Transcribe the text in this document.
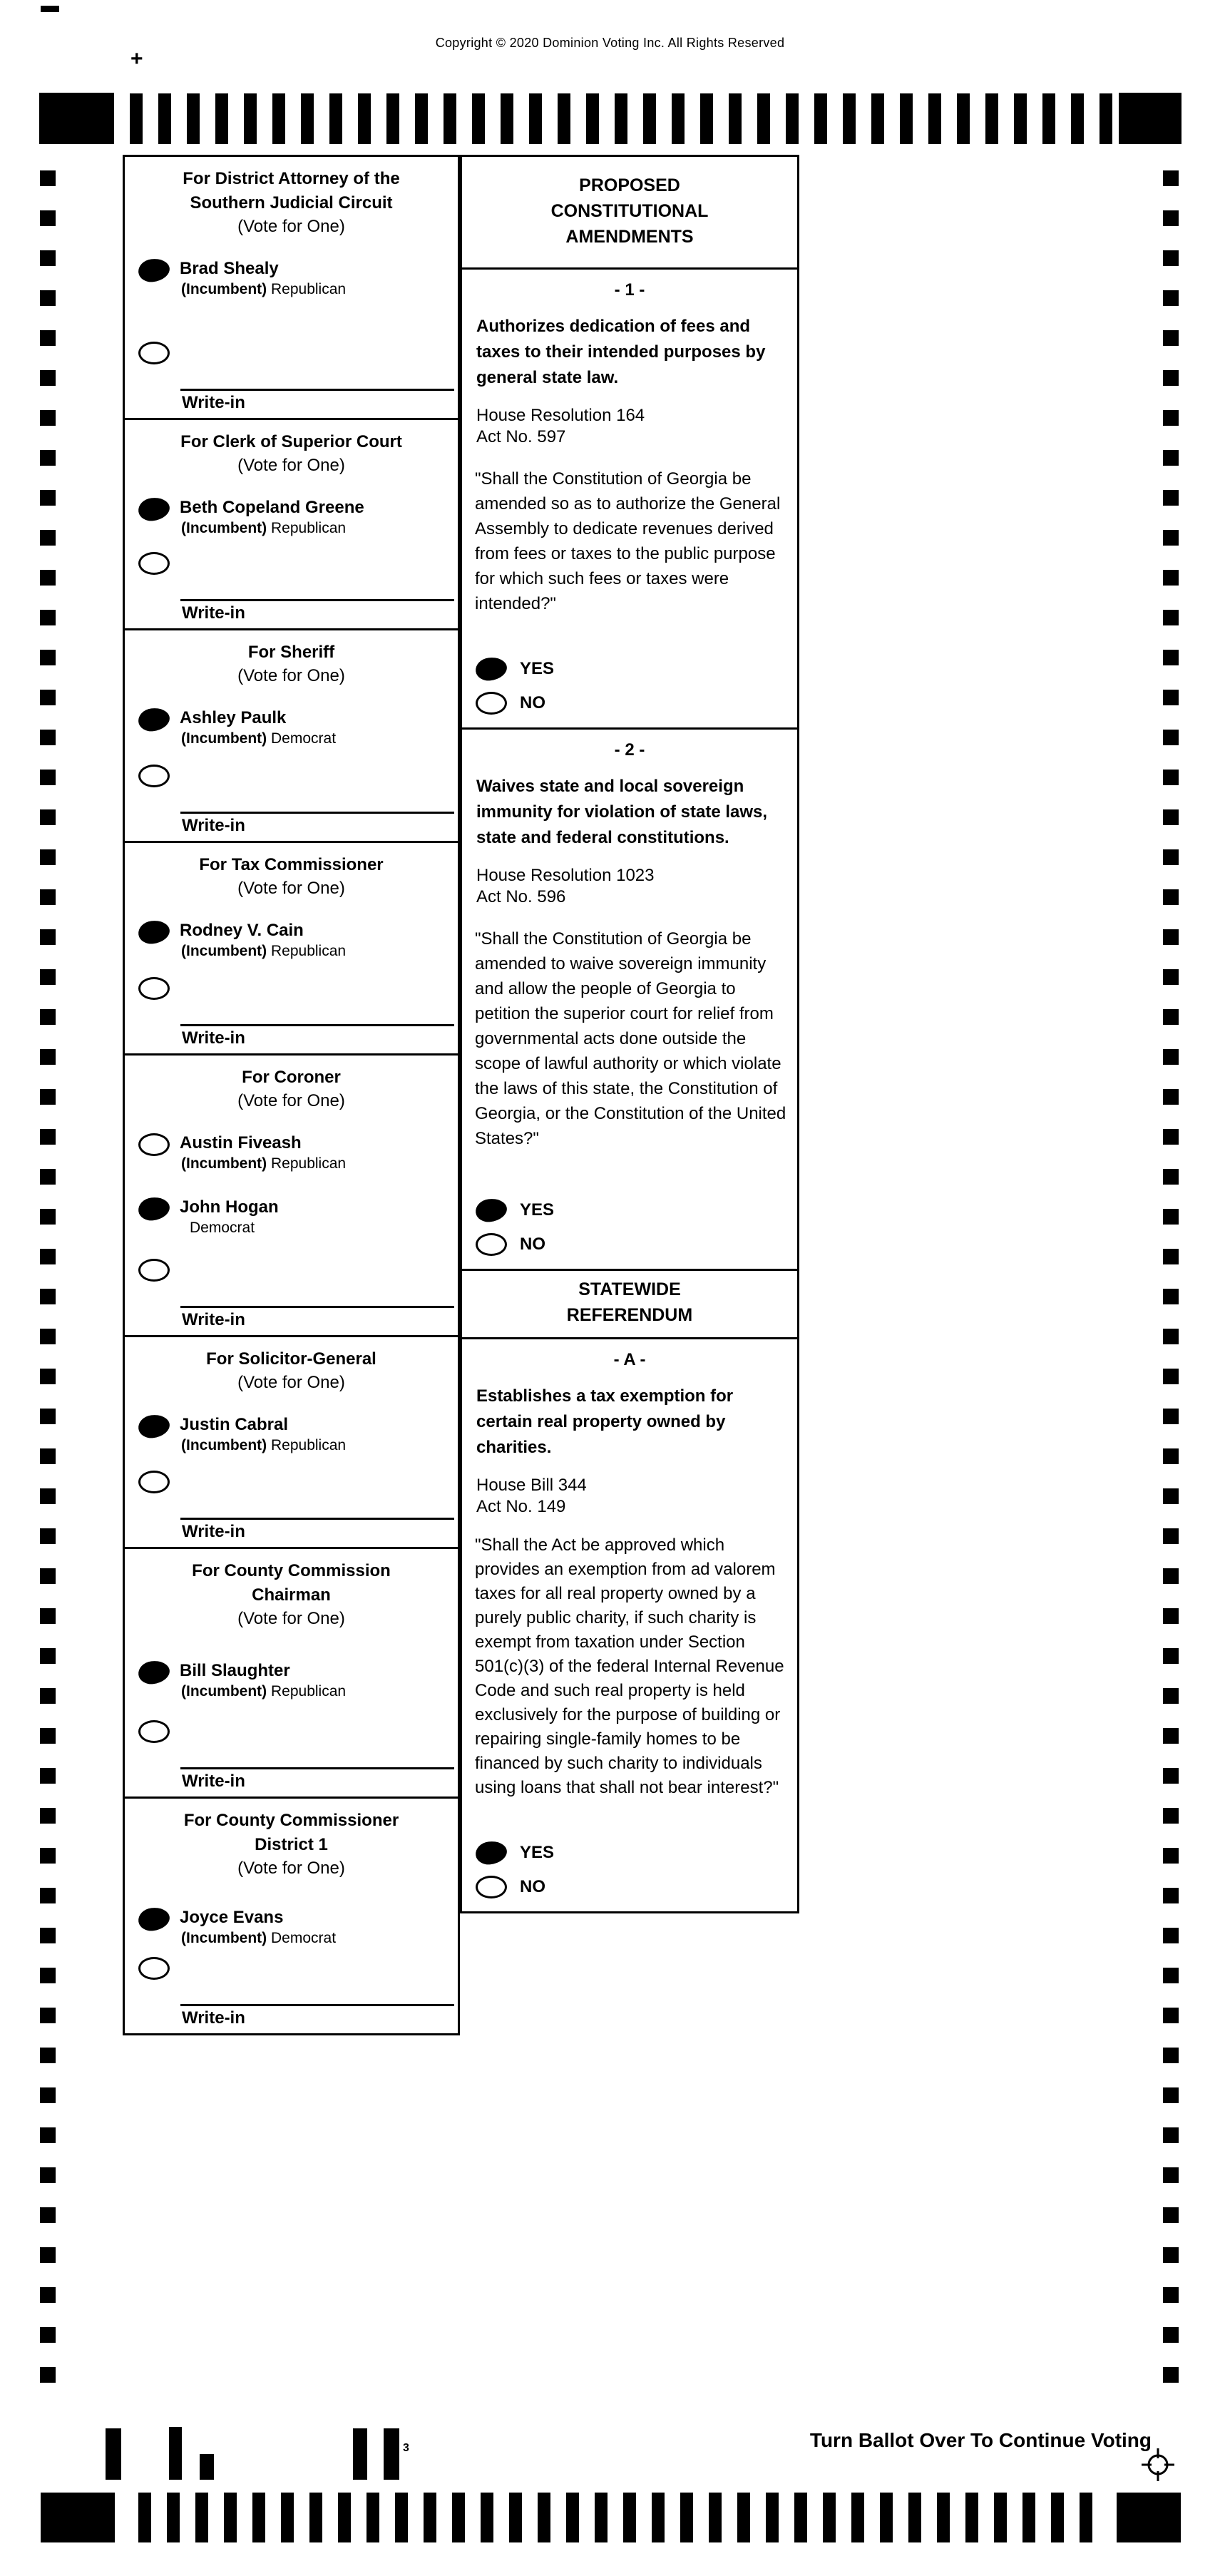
Copyright © 2020 Dominion Voting Inc. All Rights Reserved
+
For District Attorney of the
Southern Judicial Circuit
(Vote for One)
Brad Shealy
(Incumbent) Republican
Write-in
For Clerk of Superior Court
(Vote for One)
Beth Copeland Greene
(Incumbent) Republican
Write-in
For Sheriff
(Vote for One)
Ashley Paulk
(Incumbent) Democrat
Write-in
For Tax Commissioner
(Vote for One)
Rodney V. Cain
(Incumbent) Republican
Write-in
For Coroner
(Vote for One)
Austin Fiveash
(Incumbent) Republican
John Hogan
Democrat
Write-in
For Solicitor-General
(Vote for One)
Justin Cabral
(Incumbent) Republican
Write-in
For County Commission
Chairman
(Vote for One)
Bill Slaughter
(Incumbent) Republican
Write-in
For County Commissioner
District 1
(Vote for One)
Joyce Evans
(Incumbent) Democrat
Write-in
PROPOSED
CONSTITUTIONAL
AMENDMENTS
- 1 -
Authorizes dedication of fees and taxes to their intended purposes by general state law.
House Resolution 164
Act No. 597
"Shall the Constitution of Georgia be amended so as to authorize the General Assembly to dedicate revenues derived from fees or taxes to the public purpose for which such fees or taxes were intended?"
YES
NO
- 2 -
Waives state and local sovereign immunity for violation of state laws, state and federal constitutions.
House Resolution 1023
Act No. 596
"Shall the Constitution of Georgia be amended to waive sovereign immunity and allow the people of Georgia to petition the superior court for relief from governmental acts done outside the scope of lawful authority or which violate the laws of this state, the Constitution of Georgia, or the Constitution of the United States?"
YES
NO
STATEWIDE
REFERENDUM
- A -
Establishes a tax exemption for certain real property owned by charities.
House Bill 344
Act No. 149
"Shall the Act be approved which provides an exemption from ad valorem taxes for all real property owned by a purely public charity, if such charity is exempt from taxation under Section 501(c)(3) of the federal Internal Revenue Code and such real property is held exclusively for the purpose of building or repairing single-family homes to be financed by such charity to individuals using loans that shall not bear interest?"
YES
NO
Turn Ballot Over To Continue Voting
3
